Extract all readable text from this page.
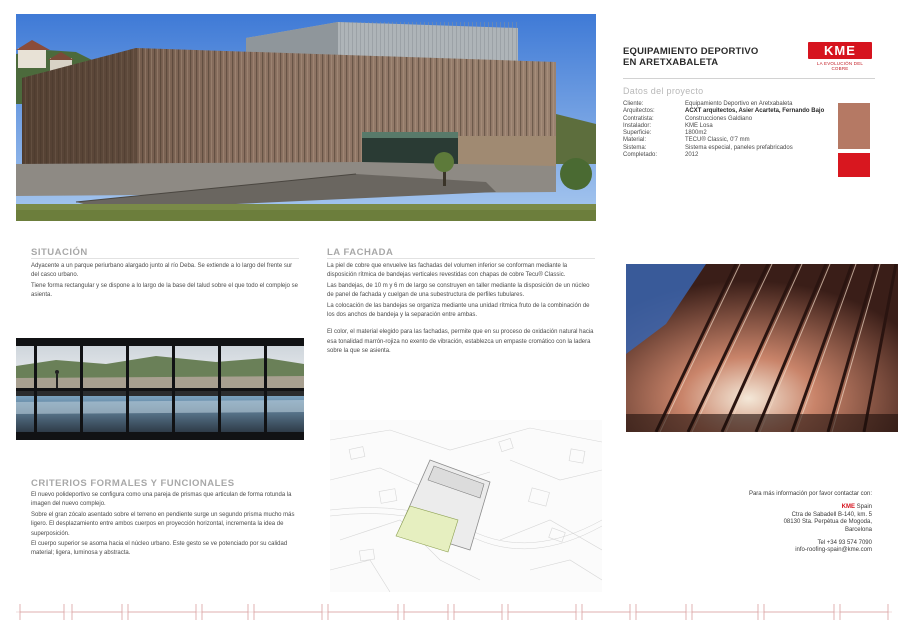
EQUIPAMIENTO DEPORTIVO
EN ARETXABALETA
KME
LA EVOLUCIÓN DEL COBRE
Datos del proyecto
Cliente:	Equipamiento Deportivo en Aretxabaleta
Arquitectos:	ACXT arquitectos, Asier Acarteta, Fernando Bajo
Contratista:	Construcciones Galdiano
Instalador:	KME Losa
Superficie:	1800m2
Material:	TECU® Classic, 0'7 mm
Sistema:	Sistema especial, paneles prefabricados
Completado:	2012
SITUACIÓN

Adyacente a un parque periurbano alargado junto al río Deba. Se extiende a lo largo del frente sur del casco urbano.

Tiene forma rectangular y se dispone a lo largo de la base del talud sobre el que todo el complejo se asienta.

CRITERIOS FORMALES Y FUNCIONALES

El nuevo polideportivo se configura como una pareja de prismas que articulan de forma rotunda la imagen del nuevo complejo.

Sobre el gran zócalo asentado sobre el terreno en pendiente surge un segundo prisma mucho más ligero. El desplazamiento entre ambos cuerpos en proyección horizontal, incrementa la idea de superposición.

El cuerpo superior se asoma hacia el núcleo urbano. Este gesto se ve potenciado por su calidad material; ligera, luminosa y abstracta.

LA FACHADA

La piel de cobre que envuelve las fachadas del volumen inferior se conforman mediante la disposición rítmica de bandejas verticales revestidas con chapas de cobre Tecu® Classic.

Las bandejas, de 10 m y 6 m de largo se construyen en taller mediante la disposición de un núcleo de panel de fachada y cuelgan de una subestructura de perfiles tubulares.

La colocación de las bandejas se organiza mediante una unidad rítmica fruto de la combinación de los dos anchos de bandeja y la separación entre ambas.

El color, el material elegido para las fachadas, permite que en su proceso de oxidación natural hacia esa tonalidad marrón-rojiza no exento de vibración, establezca un empaste cromático con la ladera sobre la que se asienta.

Para más información por favor contactar con:
KME Spain
Ctra de Sabadell B-140, km. 5
08130 Sta. Perpètua de Mogoda,
Barcelona
Tel +34 93 574 7090
info-roofing-spain@kme.com
